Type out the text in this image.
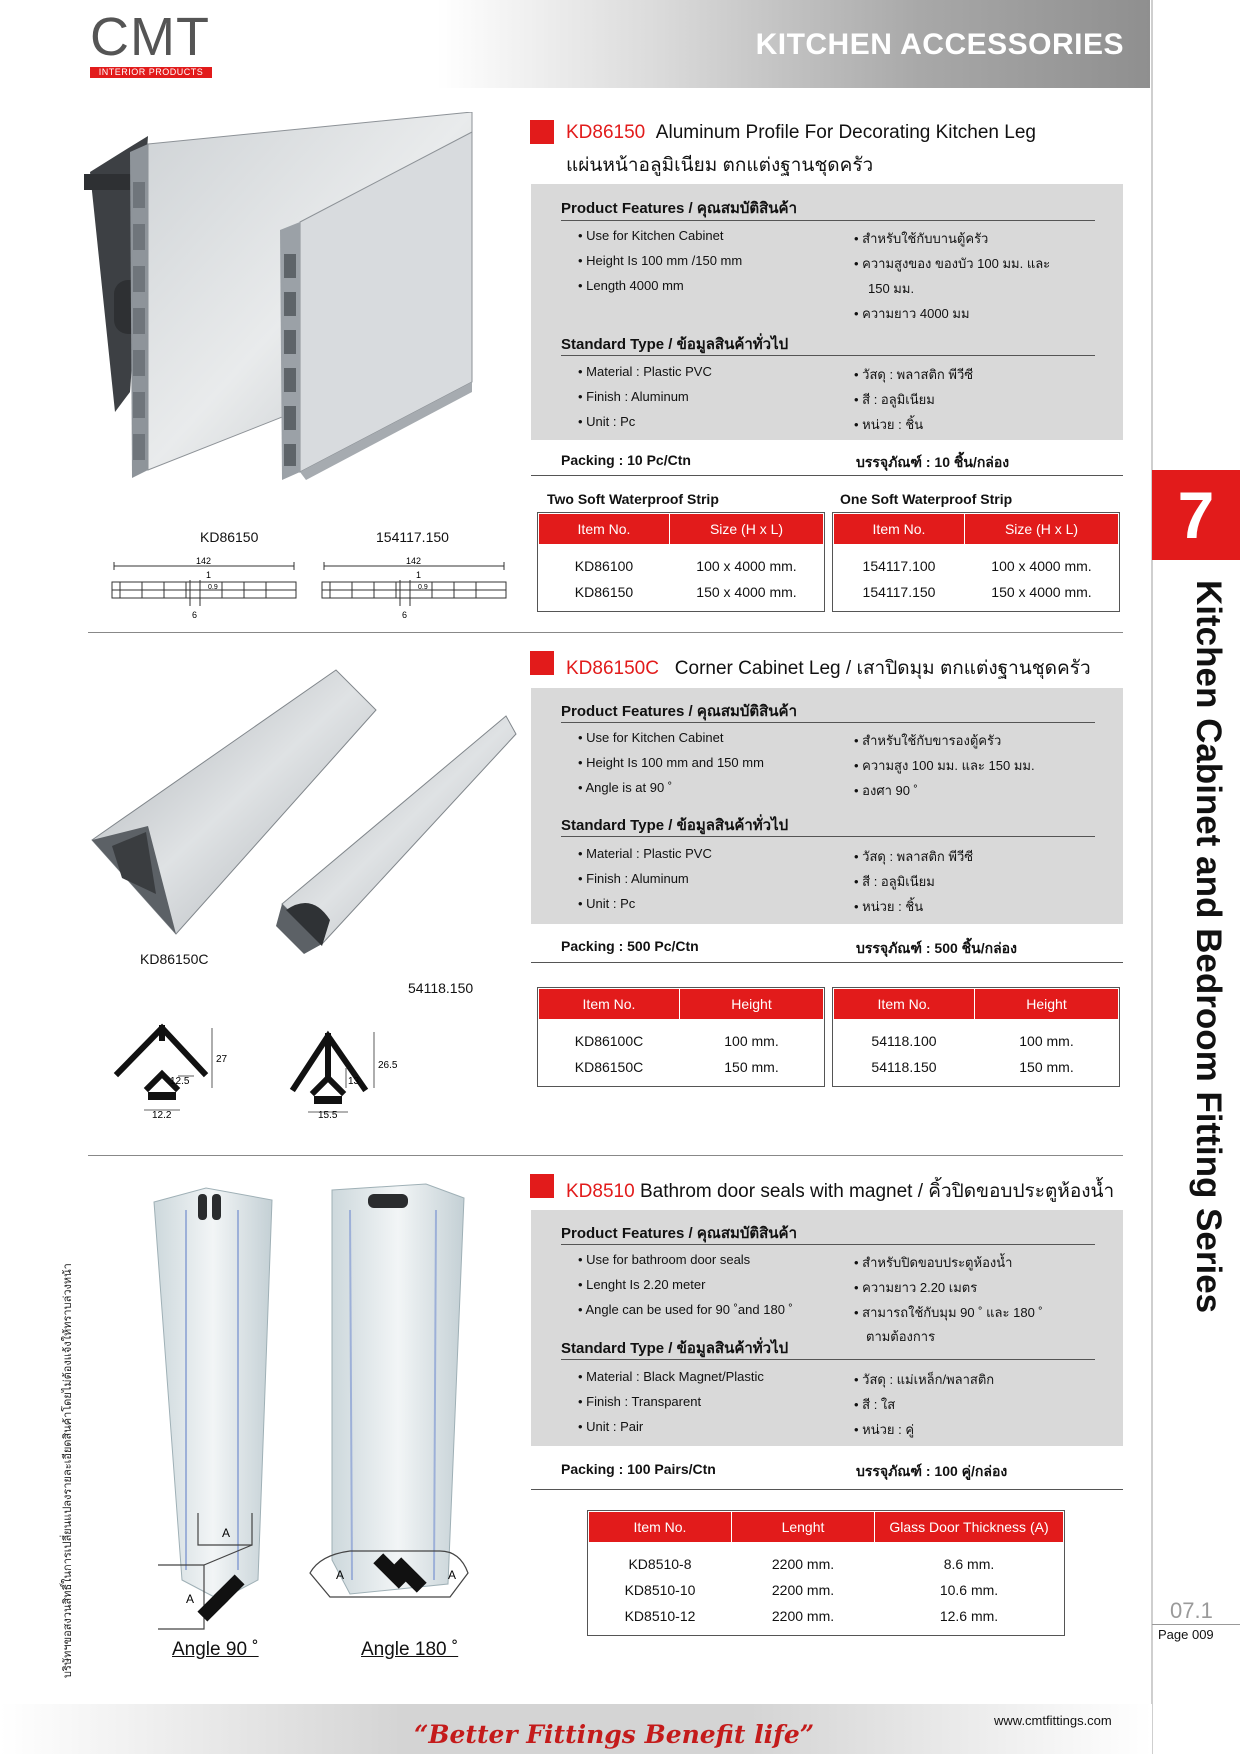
CMT
INTERIOR PRODUCTS
KITCHEN ACCESSORIES
7
Kitchen Cabinet and Bedroom Fitting Series
บริษัทฯขอสงวนสิทธิ์ในการเปลี่ยนแปลงรายละเอียดสินค้าโดยไม่ต้องแจ้งให้ทราบล่วงหน้า
KD86150	154117.150
142
1
0.9
6
142
1
0.9
6
KD86150 Aluminum Profile For Decorating Kitchen Leg
แผ่นหน้าอลูมิเนียม ตกแต่งฐานชุดครัว
Product Features / คุณสมบัติสินค้า
• Use for Kitchen Cabinet
• Height Is 100 mm /150 mm
• Length 4000 mm
• สำหรับใช้กับบานตู้ครัว
• ความสูงของ ของบัว 100 มม. และ
150 มม.
• ความยาว 4000 มม
Standard Type / ข้อมูลสินค้าทั่วไป
• Material : Plastic PVC
• Finish : Aluminum
• Unit : Pc
• วัสดุ : พลาสติก พีวีซี
• สี : อลูมิเนียม
• หน่วย : ชิ้น
Packing : 10 Pc/Ctn	บรรจุภัณฑ์ : 10 ชิ้น/กล่อง
Two Soft Waterproof Strip	One Soft Waterproof Strip
Item No.	Size (H x L)

KD86100	100 x 4000 mm.
KD86150	150 x 4000 mm.
Item No.	Size (H x L)

154117.100	100 x 4000 mm.
154117.150	150 x 4000 mm.
KD86150C
54118.150
27
12.5
12.2
26.5
13
15.5
KD86150C Corner Cabinet Leg / เสาปิดมุม ตกแต่งฐานชุดครัว
Product Features / คุณสมบัติสินค้า
• Use for Kitchen Cabinet
• Height Is 100 mm and 150 mm
• Angle is at 90 ˚
• สำหรับใช้กับขารองตู้ครัว
• ความสูง 100 มม. และ 150 มม.
• องศา 90 ˚
Standard Type / ข้อมูลสินค้าทั่วไป
• Material : Plastic PVC
• Finish : Aluminum
• Unit : Pc
• วัสดุ : พลาสติก พีวีซี
• สี : อลูมิเนียม
• หน่วย : ชิ้น
Packing : 500 Pc/Ctn	บรรจุภัณฑ์ : 500 ชิ้น/กล่อง
Item No.	Height

KD86100C	100 mm.
KD86150C	150 mm.
Item No.	Height

54118.100	100 mm.
54118.150	150 mm.
A
A
A	A
Angle 90 ˚	Angle 180 ˚
KD8510 Bathrom door seals with magnet / คิ้วปิดขอบประตูห้องน้ำ
Product Features / คุณสมบัติสินค้า
• Use for bathroom door seals
• Lenght Is 2.20 meter
• Angle can be used for 90 ˚and 180 ˚
• สำหรับปิดขอบประตูห้องน้ำ
• ความยาว 2.20 เมตร
• สามารถใช้กับมุม 90 ˚ และ 180 ˚
ตามต้องการ
Standard Type / ข้อมูลสินค้าทั่วไป
• Material : Black Magnet/Plastic
• Finish : Transparent
• Unit : Pair
• วัสดุ : แม่เหล็ก/พลาสติก
• สี : ใส
• หน่วย : คู่
Packing : 100 Pairs/Ctn	บรรจุภัณฑ์ : 100 คู่/กล่อง
Item No.	Lenght	Glass Door Thickness (A)

KD8510-8	2200 mm.	8.6 mm.
KD8510-10	2200 mm.	10.6 mm.
KD8510-12	2200 mm.	12.6 mm.	07.1
Page 009
“Better Fittings Benefit life”	www.cmtfittings.com
